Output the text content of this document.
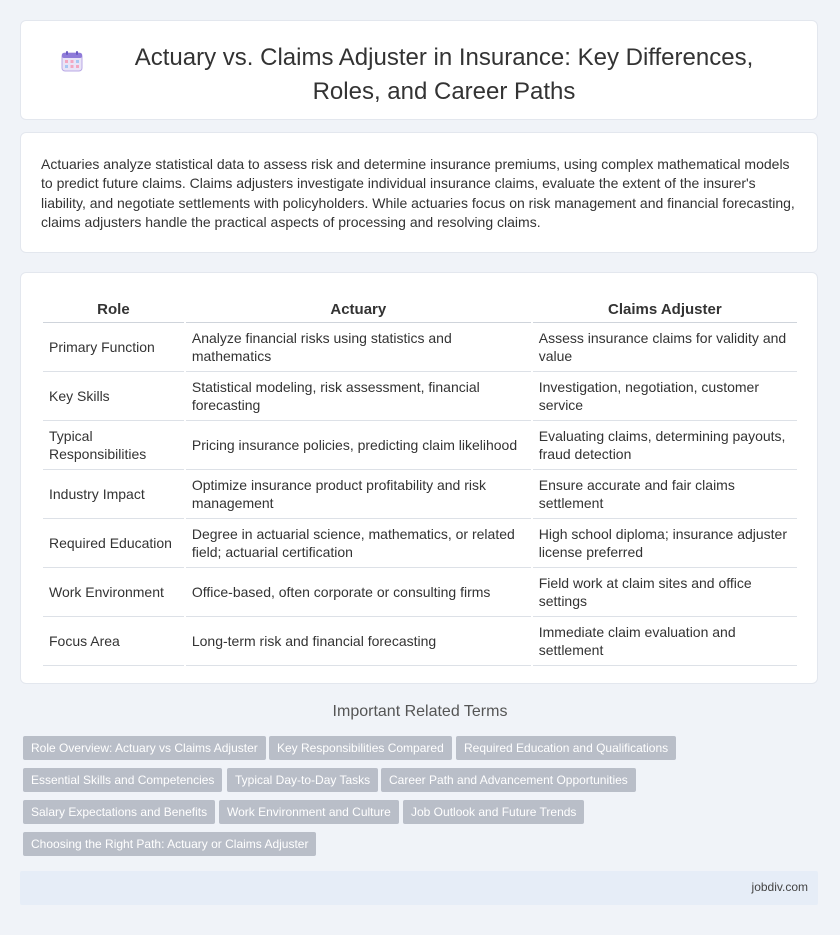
Actuary vs. Claims Adjuster in Insurance: Key Differences, Roles, and Career Paths

Actuaries analyze statistical data to assess risk and determine insurance premiums, using complex mathematical models to predict future claims. Claims adjusters investigate individual insurance claims, evaluate the extent of the insurer's liability, and negotiate settlements with policyholders. While actuaries focus on risk management and financial forecasting, claims adjusters handle the practical aspects of processing and resolving claims.

Role	Actuary	Claims Adjuster
Primary Function	Analyze financial risks using statistics and mathematics	Assess insurance claims for validity and value
Key Skills	Statistical modeling, risk assessment, financial forecasting	Investigation, negotiation, customer service
Typical Responsibilities	Pricing insurance policies, predicting claim likelihood	Evaluating claims, determining payouts, fraud detection
Industry Impact	Optimize insurance product profitability and risk management	Ensure accurate and fair claims settlement
Required Education	Degree in actuarial science, mathematics, or related field; actuarial certification	High school diploma; insurance adjuster license preferred
Work Environment	Office-based, often corporate or consulting firms	Field work at claim sites and office settings
Focus Area	Long-term risk and financial forecasting	Immediate claim evaluation and settlement
Important Related Terms
Role Overview: Actuary vs Claims Adjuster	Key Responsibilities Compared	Required Education and Qualifications
Essential Skills and Competencies	Typical Day-to-Day Tasks	Career Path and Advancement Opportunities
Salary Expectations and Benefits	Work Environment and Culture	Job Outlook and Future Trends
Choosing the Right Path: Actuary or Claims Adjuster
jobdiv.com
